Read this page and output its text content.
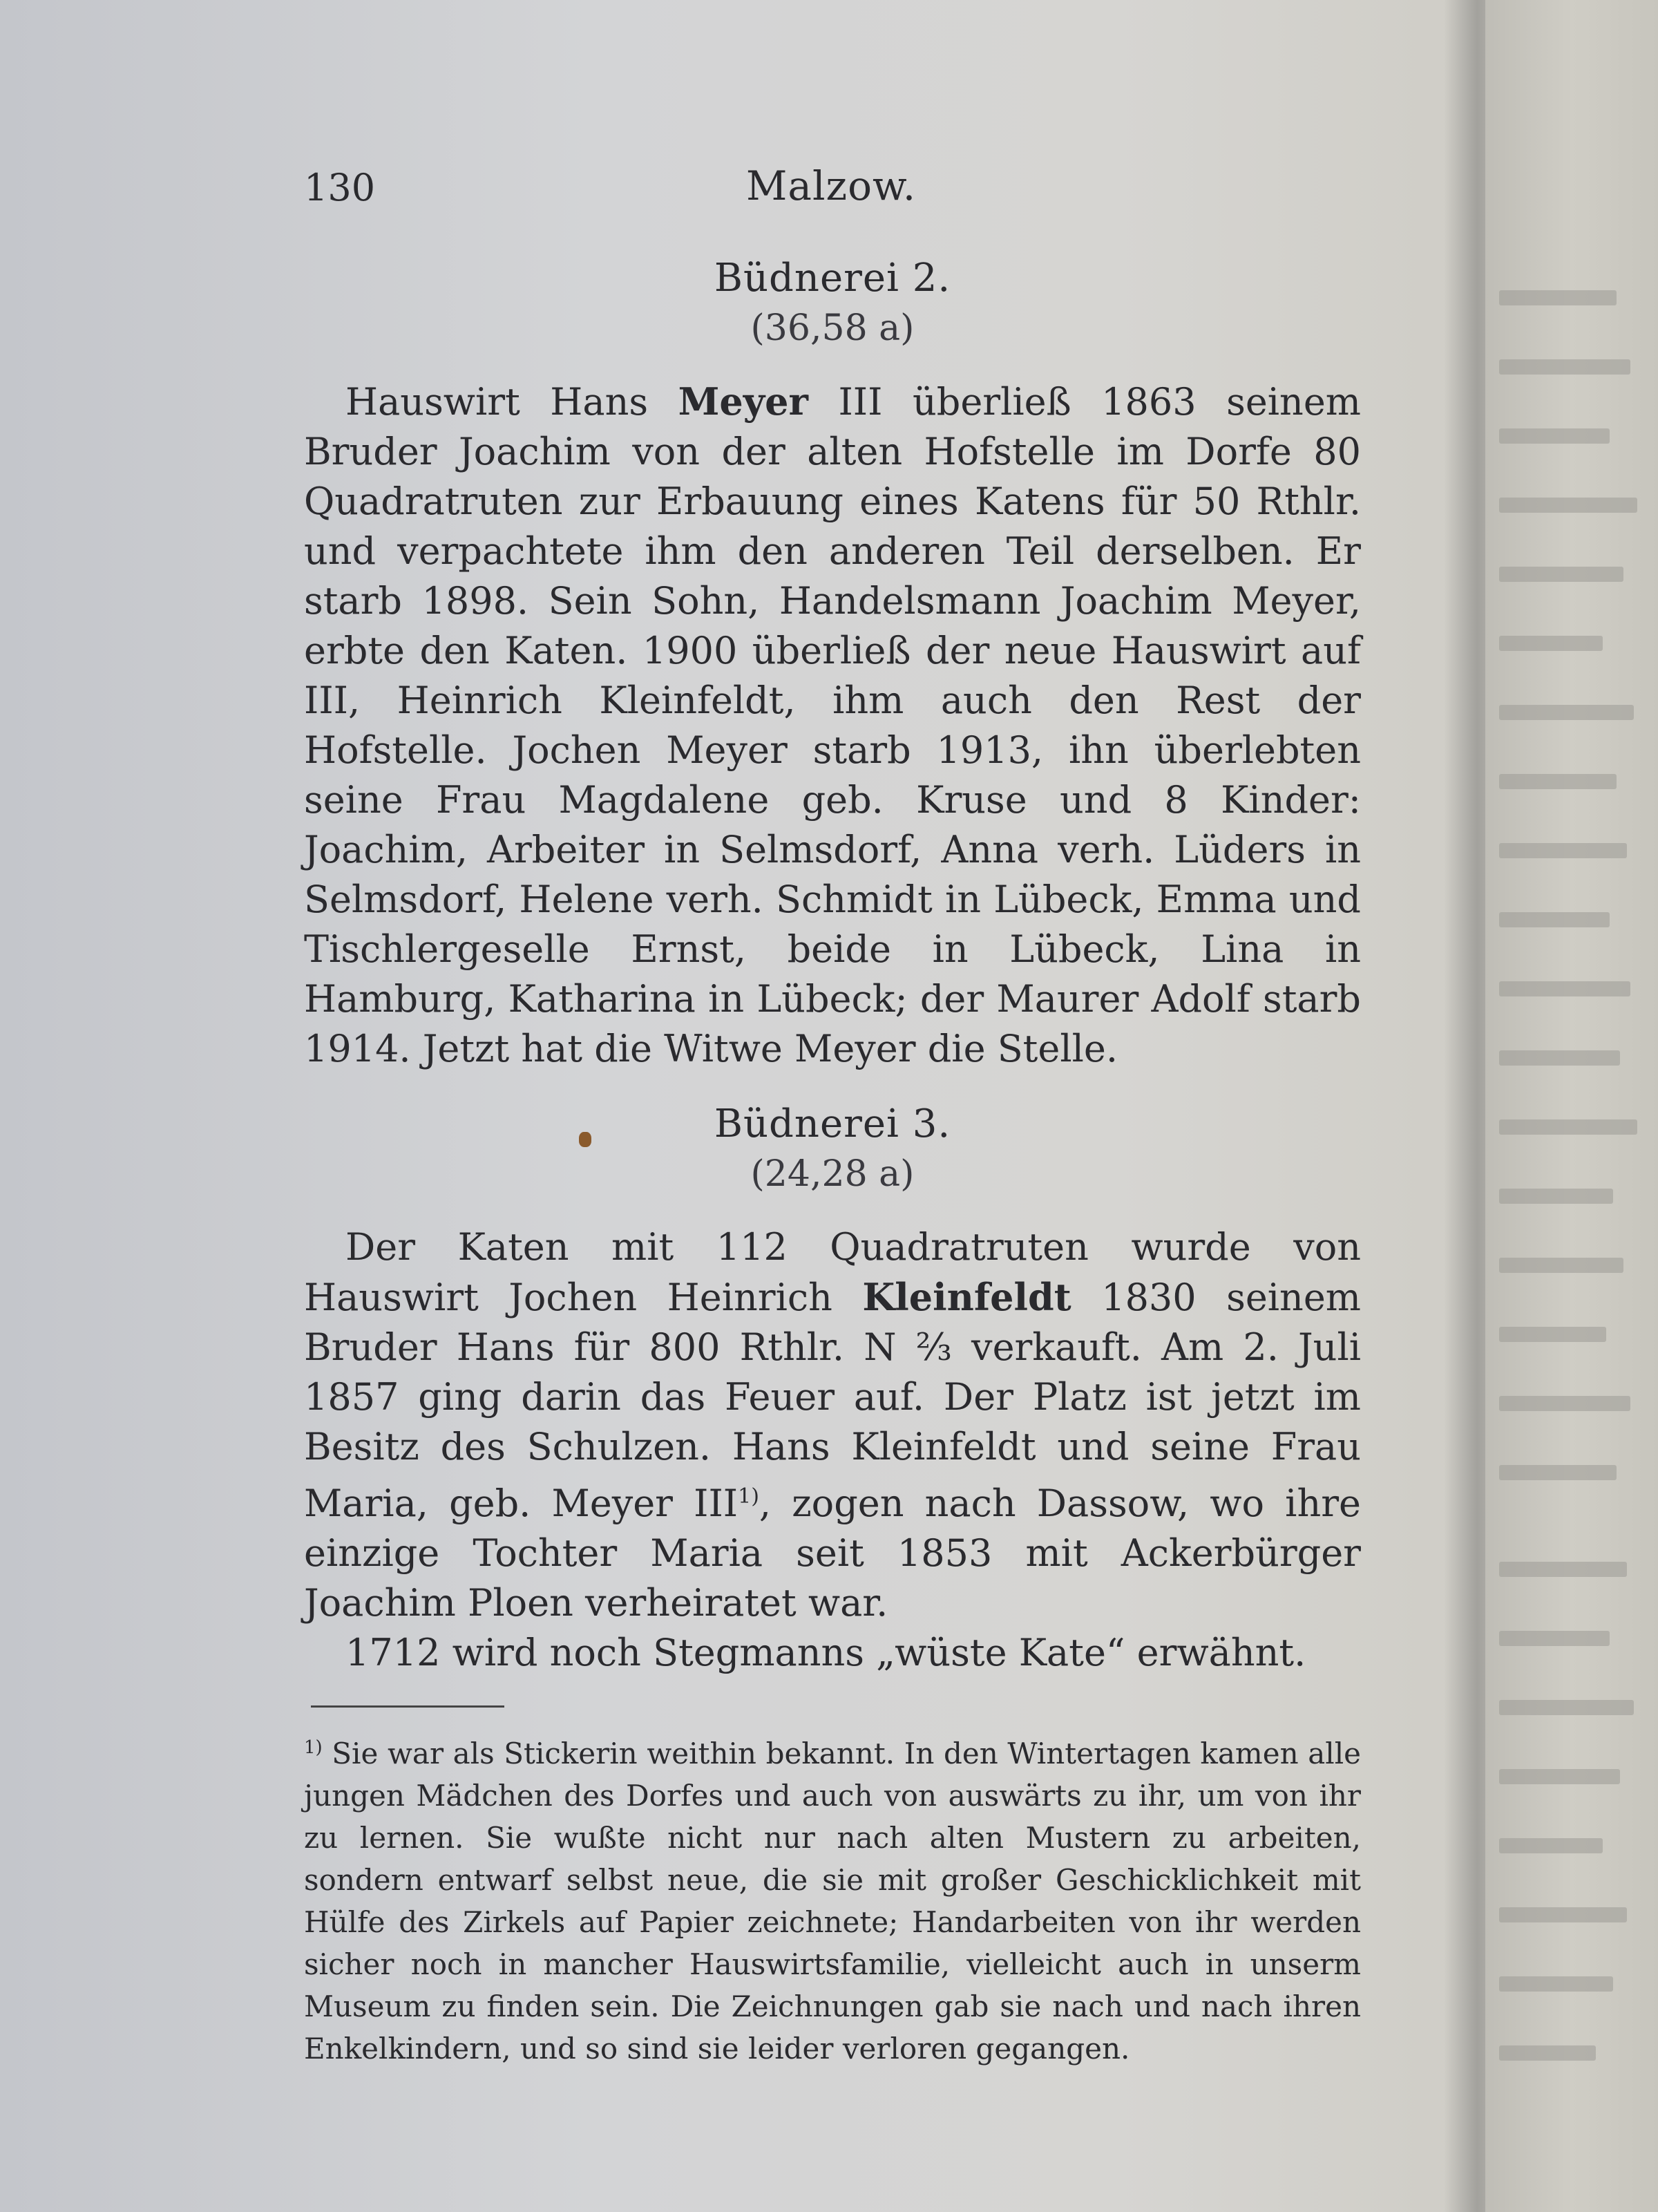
130	Malzow.
Büdnerei 2.
(36,58 a)

Hauswirt Hans Meyer III überließ 1863 seinem Bruder Joachim von der alten Hofstelle im Dorfe 80 Quadratruten zur Erbauung eines Katens für 50 Rthlr. und verpachtete ihm den anderen Teil derselben. Er starb 1898. Sein Sohn, Handelsmann Joachim Meyer, erbte den Katen. 1900 überließ der neue Hauswirt auf III, Heinrich Kleinfeldt, ihm auch den Rest der Hofstelle. Jochen Meyer starb 1913, ihn überlebten seine Frau Magdalene geb. Kruse und 8 Kinder: Joachim, Arbeiter in Selmsdorf, Anna verh. Lüders in Selmsdorf, Helene verh. Schmidt in Lübeck, Emma und Tischlergeselle Ernst, beide in Lübeck, Lina in Hamburg, Katharina in Lübeck; der Maurer Adolf starb 1914. Jetzt hat die Witwe Meyer die Stelle.

Büdnerei 3.
(24,28 a)

Der Katen mit 112 Quadratruten wurde von Hauswirt Jochen Heinrich Kleinfeldt 1830 seinem Bruder Hans für 800 Rthlr. N ⅔ verkauft. Am 2. Juli 1857 ging darin das Feuer auf. Der Platz ist jetzt im Besitz des Schulzen. Hans Kleinfeldt und seine Frau Maria, geb. Meyer III$^{1)}$, zogen nach Dassow, wo ihre einzige Tochter Maria seit 1853 mit Ackerbürger Joachim Ploen verheiratet war.

1712 wird noch Stegmanns „wüste Kate“ erwähnt.

$^{1)}$ Sie war als Stickerin weithin bekannt. In den Wintertagen kamen alle jungen Mädchen des Dorfes und auch von auswärts zu ihr, um von ihr zu lernen. Sie wußte nicht nur nach alten Mustern zu arbeiten, sondern entwarf selbst neue, die sie mit großer Geschicklichkeit mit Hülfe des Zirkels auf Papier zeichnete; Handarbeiten von ihr werden sicher noch in mancher Hauswirtsfamilie, vielleicht auch in unserm Museum zu finden sein. Die Zeichnungen gab sie nach und nach ihren Enkelkindern, und so sind sie leider verloren gegangen.
